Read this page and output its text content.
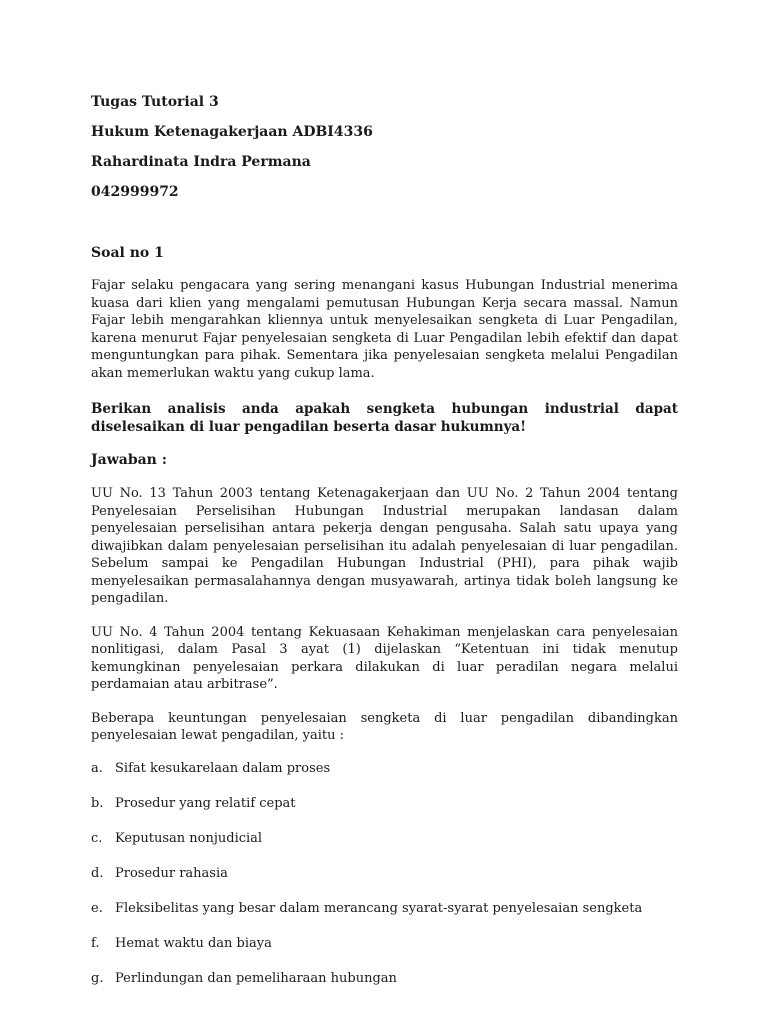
Tugas Tutorial 3

Hukum Ketenagakerjaan ADBI4336

Rahardinata Indra Permana

042999972

Soal no 1

Fajar selaku pengacara yang sering menangani kasus Hubungan Industrial menerima kuasa dari klien yang mengalami pemutusan Hubungan Kerja secara massal. Namun Fajar lebih mengarahkan kliennya untuk menyelesaikan sengketa di Luar Pengadilan, karena menurut Fajar penyelesaian sengketa di Luar Pengadilan lebih efektif dan dapat menguntungkan para pihak. Sementara jika penyelesaian sengketa melalui Pengadilan akan memerlukan waktu yang cukup lama.

Berikan analisis anda apakah sengketa hubungan industrial dapat diselesaikan di luar pengadilan beserta dasar hukumnya!

Jawaban :

UU No. 13 Tahun 2003 tentang Ketenagakerjaan dan UU No. 2 Tahun 2004 tentang Penyelesaian Perselisihan Hubungan Industrial merupakan landasan dalam penyelesaian perselisihan antara pekerja dengan pengusaha. Salah satu upaya yang diwajibkan dalam penyelesaian perselisihan itu adalah penyelesaian di luar pengadilan. Sebelum sampai ke Pengadilan Hubungan Industrial (PHI), para pihak wajib menyelesaikan permasalahannya dengan musyawarah, artinya tidak boleh langsung ke pengadilan.

UU No. 4 Tahun 2004 tentang Kekuasaan Kehakiman menjelaskan cara penyelesaian nonlitigasi, dalam Pasal 3 ayat (1) dijelaskan “Ketentuan ini tidak menutup kemungkinan penyelesaian perkara dilakukan di luar peradilan negara melalui perdamaian atau arbitrase”.

Beberapa keuntungan penyelesaian sengketa di luar pengadilan dibandingkan penyelesaian lewat pengadilan, yaitu :

a. Sifat kesukarelaan dalam proses
b. Prosedur yang relatif cepat
c. Keputusan nonjudicial
d. Prosedur rahasia
e. Fleksibelitas yang besar dalam merancang syarat-syarat penyelesaian sengketa
f.	Hemat waktu dan biaya
g. Perlindungan dan pemeliharaan hubungan
